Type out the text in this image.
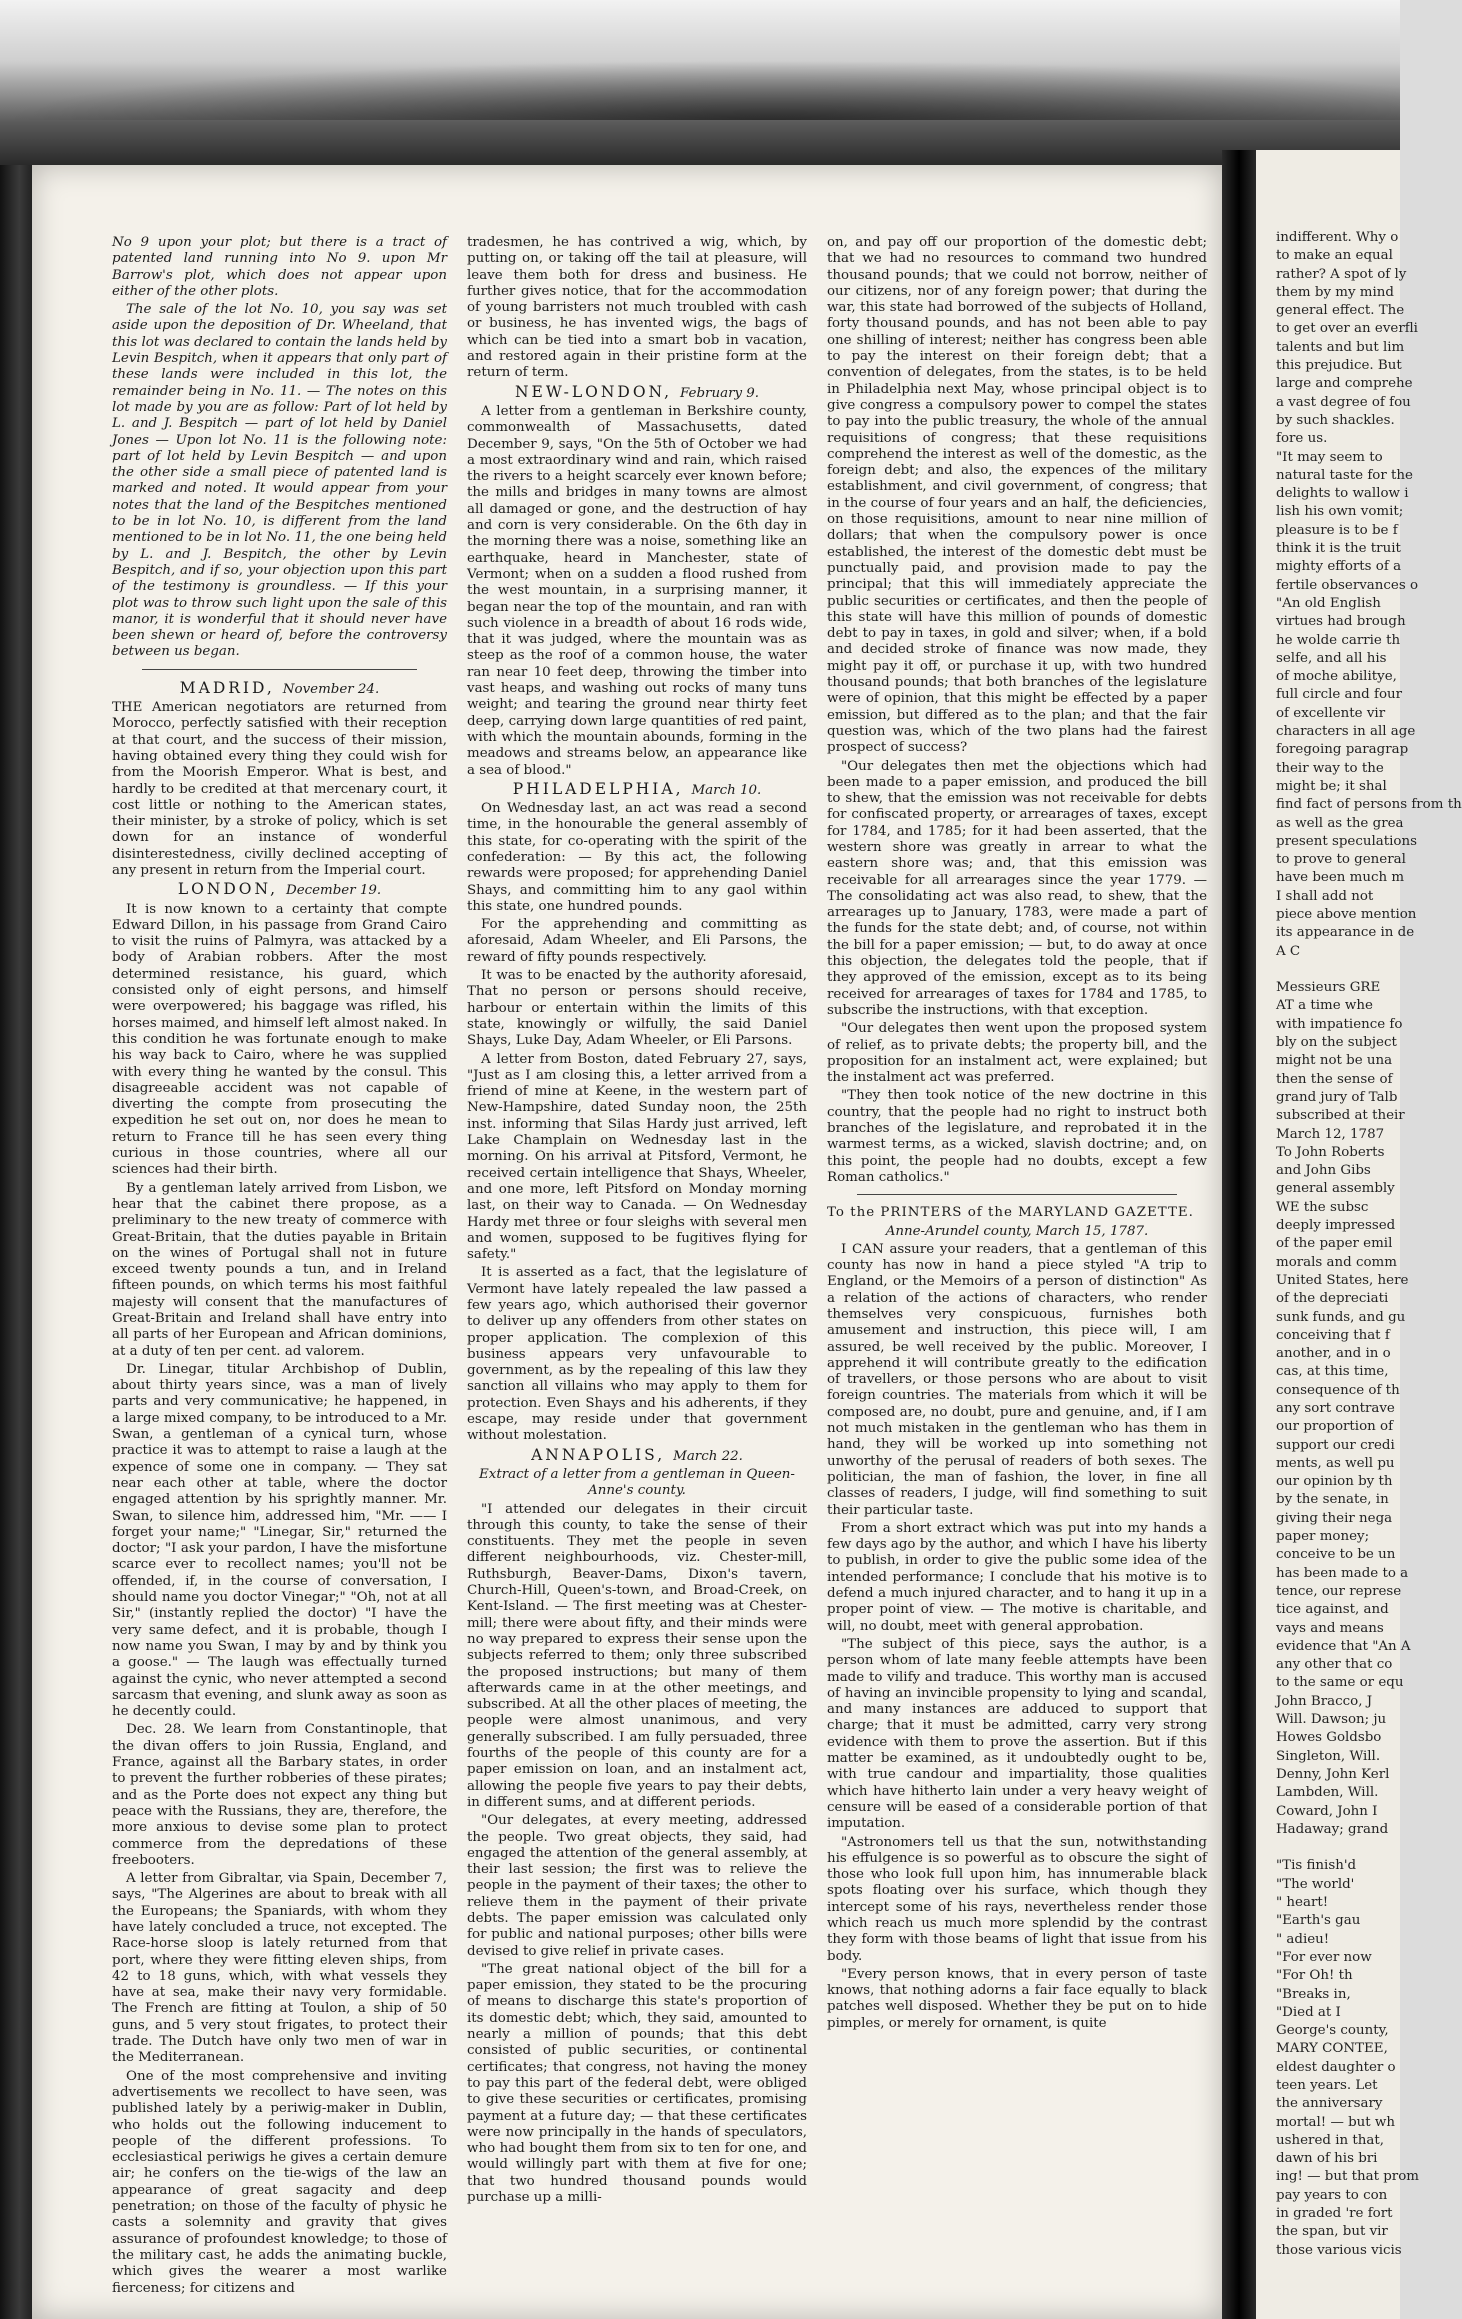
No 9 upon your plot; but there is a tract of patented land running into No 9. upon Mr Barrow's plot, which does not appear upon either of the other plots.

The sale of the lot No. 10, you say was set aside upon the deposition of Dr. Wheeland, that this lot was declared to contain the lands held by Levin Bespitch, when it appears that only part of these lands were included in this lot, the remainder being in No. 11. — The notes on this lot made by you are as follow: Part of lot held by L. and J. Bespitch — part of lot held by Daniel Jones — Upon lot No. 11 is the following note: part of lot held by Levin Bespitch — and upon the other side a small piece of patented land is marked and noted. It would appear from your notes that the land of the Bespitches mentioned to be in lot No. 10, is different from the land mentioned to be in lot No. 11, the one being held by L. and J. Bespitch, the other by Levin Bespitch, and if so, your objection upon this part of the testimony is groundless. — If this your plot was to throw such light upon the sale of this manor, it is wonderful that it should never have been shewn or heard of, before the controversy between us began.

MADRID, November 24.

THE American negotiators are returned from Morocco, perfectly satisfied with their reception at that court, and the success of their mission, having obtained every thing they could wish for from the Moorish Emperor. What is best, and hardly to be credited at that mercenary court, it cost little or nothing to the American states, their minister, by a stroke of policy, which is set down for an instance of wonderful disinterestedness, civilly declined accepting of any present in return from the Imperial court.

LONDON, December 19.

It is now known to a certainty that compte Edward Dillon, in his passage from Grand Cairo to visit the ruins of Palmyra, was attacked by a body of Arabian robbers. After the most determined resistance, his guard, which consisted only of eight persons, and himself were overpowered; his baggage was rifled, his horses maimed, and himself left almost naked. In this condition he was fortunate enough to make his way back to Cairo, where he was supplied with every thing he wanted by the consul. This disagreeable accident was not capable of diverting the compte from prosecuting the expedition he set out on, nor does he mean to return to France till he has seen every thing curious in those countries, where all our sciences had their birth.

By a gentleman lately arrived from Lisbon, we hear that the cabinet there propose, as a preliminary to the new treaty of commerce with Great-Britain, that the duties payable in Britain on the wines of Portugal shall not in future exceed twenty pounds a tun, and in Ireland fifteen pounds, on which terms his most faithful majesty will consent that the manufactures of Great-Britain and Ireland shall have entry into all parts of her European and African dominions, at a duty of ten per cent. ad valorem.

Dr. Linegar, titular Archbishop of Dublin, about thirty years since, was a man of lively parts and very communicative; he happened, in a large mixed company, to be introduced to a Mr. Swan, a gentleman of a cynical turn, whose practice it was to attempt to raise a laugh at the expence of some one in company. — They sat near each other at table, where the doctor engaged attention by his sprightly manner. Mr. Swan, to silence him, addressed him, "Mr. —— I forget your name;" "Linegar, Sir," returned the doctor; "I ask your pardon, I have the misfortune scarce ever to recollect names; you'll not be offended, if, in the course of conversation, I should name you doctor Vinegar;" "Oh, not at all Sir," (instantly replied the doctor) "I have the very same defect, and it is probable, though I now name you Swan, I may by and by think you a goose." — The laugh was effectually turned against the cynic, who never attempted a second sarcasm that evening, and slunk away as soon as he decently could.

Dec. 28. We learn from Constantinople, that the divan offers to join Russia, England, and France, against all the Barbary states, in order to prevent the further robberies of these pirates; and as the Porte does not expect any thing but peace with the Russians, they are, therefore, the more anxious to devise some plan to protect commerce from the depredations of these freebooters.

A letter from Gibraltar, via Spain, December 7, says, "The Algerines are about to break with all the Europeans; the Spaniards, with whom they have lately concluded a truce, not excepted. The Race-horse sloop is lately returned from that port, where they were fitting eleven ships, from 42 to 18 guns, which, with what vessels they have at sea, make their navy very formidable. The French are fitting at Toulon, a ship of 50 guns, and 5 very stout frigates, to protect their trade. The Dutch have only two men of war in the Mediterranean.

One of the most comprehensive and inviting advertisements we recollect to have seen, was published lately by a periwig-maker in Dublin, who holds out the following inducement to people of the different professions. To ecclesiastical periwigs he gives a certain demure air; he confers on the tie-wigs of the law an appearance of great sagacity and deep penetration; on those of the faculty of physic he casts a solemnity and gravity that gives assurance of profoundest knowledge; to those of the military cast, he adds the animating buckle, which gives the wearer a most warlike fierceness; for citizens and

tradesmen, he has contrived a wig, which, by putting on, or taking off the tail at pleasure, will leave them both for dress and business. He further gives notice, that for the accommodation of young barristers not much troubled with cash or business, he has invented wigs, the bags of which can be tied into a smart bob in vacation, and restored again in their pristine form at the return of term.

NEW-LONDON, February 9.

A letter from a gentleman in Berkshire county, commonwealth of Massachusetts, dated December 9, says, "On the 5th of October we had a most extraordinary wind and rain, which raised the rivers to a height scarcely ever known before; the mills and bridges in many towns are almost all damaged or gone, and the destruction of hay and corn is very considerable. On the 6th day in the morning there was a noise, something like an earthquake, heard in Manchester, state of Vermont; when on a sudden a flood rushed from the west mountain, in a surprising manner, it began near the top of the mountain, and ran with such violence in a breadth of about 16 rods wide, that it was judged, where the mountain was as steep as the roof of a common house, the water ran near 10 feet deep, throwing the timber into vast heaps, and washing out rocks of many tuns weight; and tearing the ground near thirty feet deep, carrying down large quantities of red paint, with which the mountain abounds, forming in the meadows and streams below, an appearance like a sea of blood."

PHILADELPHIA, March 10.

On Wednesday last, an act was read a second time, in the honourable the general assembly of this state, for co-operating with the spirit of the confederation: — By this act, the following rewards were proposed; for apprehending Daniel Shays, and committing him to any gaol within this state, one hundred pounds.

For the apprehending and committing as aforesaid, Adam Wheeler, and Eli Parsons, the reward of fifty pounds respectively.

It was to be enacted by the authority aforesaid, That no person or persons should receive, harbour or entertain within the limits of this state, knowingly or wilfully, the said Daniel Shays, Luke Day, Adam Wheeler, or Eli Parsons.

A letter from Boston, dated February 27, says, "Just as I am closing this, a letter arrived from a friend of mine at Keene, in the western part of New-Hampshire, dated Sunday noon, the 25th inst. informing that Silas Hardy just arrived, left Lake Champlain on Wednesday last in the morning. On his arrival at Pitsford, Vermont, he received certain intelligence that Shays, Wheeler, and one more, left Pitsford on Monday morning last, on their way to Canada. — On Wednesday Hardy met three or four sleighs with several men and women, supposed to be fugitives flying for safety."

It is asserted as a fact, that the legislature of Vermont have lately repealed the law passed a few years ago, which authorised their governor to deliver up any offenders from other states on proper application. The complexion of this business appears very unfavourable to government, as by the repealing of this law they sanction all villains who may apply to them for protection. Even Shays and his adherents, if they escape, may reside under that government without molestation.

ANNAPOLIS, March 22.

Extract of a letter from a gentleman in Queen-Anne's county.

"I attended our delegates in their circuit through this county, to take the sense of their constituents. They met the people in seven different neighbourhoods, viz. Chester-mill, Ruthsburgh, Beaver-Dams, Dixon's tavern, Church-Hill, Queen's-town, and Broad-Creek, on Kent-Island. — The first meeting was at Chester-mill; there were about fifty, and their minds were no way prepared to express their sense upon the subjects referred to them; only three subscribed the proposed instructions; but many of them afterwards came in at the other meetings, and subscribed. At all the other places of meeting, the people were almost unanimous, and very generally subscribed. I am fully persuaded, three fourths of the people of this county are for a paper emission on loan, and an instalment act, allowing the people five years to pay their debts, in different sums, and at different periods.

"Our delegates, at every meeting, addressed the people. Two great objects, they said, had engaged the attention of the general assembly, at their last session; the first was to relieve the people in the payment of their taxes; the other to relieve them in the payment of their private debts. The paper emission was calculated only for public and national purposes; other bills were devised to give relief in private cases.

"The great national object of the bill for a paper emission, they stated to be the procuring of means to discharge this state's proportion of its domestic debt; which, they said, amounted to nearly a million of pounds; that this debt consisted of public securities, or continental certificates; that congress, not having the money to pay this part of the federal debt, were obliged to give these securities or certificates, promising payment at a future day; — that these certificates were now principally in the hands of speculators, who had bought them from six to ten for one, and would willingly part with them at five for one; that two hundred thousand pounds would purchase up a milli-

on, and pay off our proportion of the domestic debt; that we had no resources to command two hundred thousand pounds; that we could not borrow, neither of our citizens, nor of any foreign power; that during the war, this state had borrowed of the subjects of Holland, forty thousand pounds, and has not been able to pay one shilling of interest; neither has congress been able to pay the interest on their foreign debt; that a convention of delegates, from the states, is to be held in Philadelphia next May, whose principal object is to give congress a compulsory power to compel the states to pay into the public treasury, the whole of the annual requisitions of congress; that these requisitions comprehend the interest as well of the domestic, as the foreign debt; and also, the expences of the military establishment, and civil government, of congress; that in the course of four years and an half, the deficiencies, on those requisitions, amount to near nine million of dollars; that when the compulsory power is once established, the interest of the domestic debt must be punctually paid, and provision made to pay the principal; that this will immediately appreciate the public securities or certificates, and then the people of this state will have this million of pounds of domestic debt to pay in taxes, in gold and silver; when, if a bold and decided stroke of finance was now made, they might pay it off, or purchase it up, with two hundred thousand pounds; that both branches of the legislature were of opinion, that this might be effected by a paper emission, but differed as to the plan; and that the fair question was, which of the two plans had the fairest prospect of success?

"Our delegates then met the objections which had been made to a paper emission, and produced the bill to shew, that the emission was not receivable for debts for confiscated property, or arrearages of taxes, except for 1784, and 1785; for it had been asserted, that the western shore was greatly in arrear to what the eastern shore was; and, that this emission was receivable for all arrearages since the year 1779. — The consolidating act was also read, to shew, that the arrearages up to January, 1783, were made a part of the funds for the state debt; and, of course, not within the bill for a paper emission; — but, to do away at once this objection, the delegates told the people, that if they approved of the emission, except as to its being received for arrearages of taxes for 1784 and 1785, to subscribe the instructions, with that exception.

"Our delegates then went upon the proposed system of relief, as to private debts; the property bill, and the proposition for an instalment act, were explained; but the instalment act was preferred.

"They then took notice of the new doctrine in this country, that the people had no right to instruct both branches of the legislature, and reprobated it in the warmest terms, as a wicked, slavish doctrine; and, on this point, the people had no doubts, except a few Roman catholics."

To the PRINTERS of the MARYLAND GAZETTE.

Anne-Arundel county, March 15, 1787.

I CAN assure your readers, that a gentleman of this county has now in hand a piece styled "A trip to England, or the Memoirs of a person of distinction" As a relation of the actions of characters, who render themselves very conspicuous, furnishes both amusement and instruction, this piece will, I am assured, be well received by the public. Moreover, I apprehend it will contribute greatly to the edification of travellers, or those persons who are about to visit foreign countries. The materials from which it will be composed are, no doubt, pure and genuine, and, if I am not much mistaken in the gentleman who has them in hand, they will be worked up into something not unworthy of the perusal of readers of both sexes. The politician, the man of fashion, the lover, in fine all classes of readers, I judge, will find something to suit their particular taste.

From a short extract which was put into my hands a few days ago by the author, and which I have his liberty to publish, in order to give the public some idea of the intended performance; I conclude that his motive is to defend a much injured character, and to hang it up in a proper point of view. — The motive is charitable, and will, no doubt, meet with general approbation.

"The subject of this piece, says the author, is a person whom of late many feeble attempts have been made to vilify and traduce. This worthy man is accused of having an invincible propensity to lying and scandal, and many instances are adduced to support that charge; that it must be admitted, carry very strong evidence with them to prove the assertion. But if this matter be examined, as it undoubtedly ought to be, with true candour and impartiality, those qualities which have hitherto lain under a very heavy weight of censure will be eased of a considerable portion of that imputation.

"Astronomers tell us that the sun, notwithstanding his effulgence is so powerful as to obscure the sight of those who look full upon him, has innumerable black spots floating over his surface, which though they intercept some of his rays, nevertheless render those which reach us much more splendid by the contrast they form with those beams of light that issue from his body.

"Every person knows, that in every person of taste knows, that nothing adorns a fair face equally to black patches well disposed. Whether they be put on to hide pimples, or merely for ornament, is quite

indifferent. Why o

to make an equal

rather? A spot of ly

them by my mind

general effect. The

to get over an everfli

talents and but lim

this prejudice. But

large and comprehe

a vast degree of fou

by such shackles.

fore us.

"It may seem to

natural taste for the

delights to wallow i

lish his own vomit;

pleasure is to be f

think it is the truit

mighty efforts of a

fertile observances o

"An old English

virtues had brough

he wolde carrie th

selfe, and all his

of moche abilitye,

full circle and four

of excellente vir

characters in all age

foregoing paragrap

their way to the

might be; it shal

find fact of persons from th

as well as the grea

present speculations

to prove to general

have been much m

I shall add not

piece above mention

its appearance in de

A C

Messieurs GRE

AT a time whe

with impatience fo

bly on the subject

might not be una

then the sense of

grand jury of Talb

subscribed at their

March 12, 1787

To John Roberts

and John Gibs

general assembly

WE the subsc

deeply impressed

of the paper emil

morals and comm

United States, here

of the depreciati

sunk funds, and gu

conceiving that f

another, and in o

cas, at this time,

consequence of th

any sort contrave

our proportion of

support our credi

ments, as well pu

our opinion by th

by the senate, in

giving their nega

paper money;

conceive to be un

has been made to a

tence, our represe

tice against, and

vays and means

evidence that "An A

any other that co

to the same or equ

John Bracco, J

Will. Dawson; ju

Howes Goldsbo

Singleton, Will.

Denny, John Kerl

Lambden, Will.

Coward, John I

Hadaway; grand

"Tis finish'd

"The world'

" heart!

"Earth's gau

" adieu!

"For ever now

"For Oh! th

"Breaks in,

"Died at I

George's county,

MARY CONTEE,

eldest daughter o

teen years. Let

the anniversary

mortal! — but wh

ushered in that,

dawn of his bri

ing! — but that prom

pay years to con

in graded 're fort

the span, but vir

those various vicis
